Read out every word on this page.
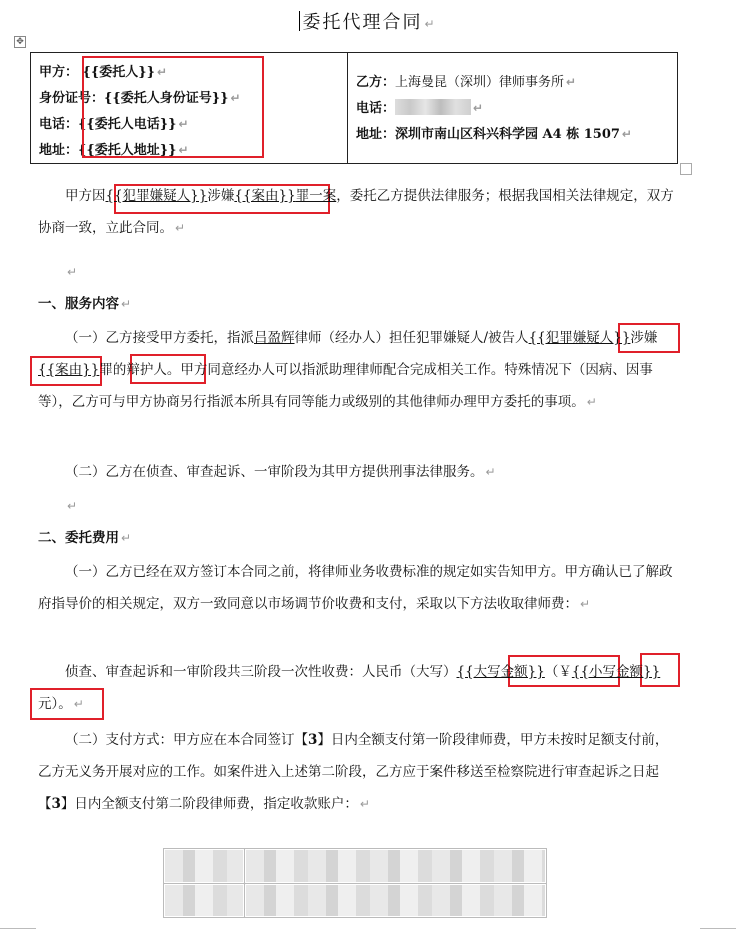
委托代理合同 ↵
✥
甲方： {{委托人}} ↵
身份证号：{{委托人身份证号}} ↵
电话：{{委托人电话}} ↵
地址：{{委托人地址}} ↵

乙方：上海曼昆（深圳）律师事务所 ↵
电话：	↵
地址：深圳市南山区科兴科学园 A4 栋 1507 ↵
甲方因{{犯罪嫌疑人}}涉嫌{{案由}}罪一案，委托乙方提供法律服务；根据我国相关法律规定，双方协商一致，立此合同。 ↵
↵
一、服务内容 ↵
（一）乙方接受甲方委托，指派吕盈辉律师（经办人）担任犯罪嫌疑人/被告人{{犯罪嫌疑人}}涉嫌{{案由}}罪的辩护人。甲方同意经办人可以指派助理律师配合完成相关工作。特殊情况下（因病、因事等），乙方可与甲方协商另行指派本所具有同等能力或级别的其他律师办理甲方委托的事项。 ↵
（二）乙方在侦查、审查起诉、一审阶段为其甲方提供刑事法律服务。 ↵
↵
二、委托费用 ↵
（一）乙方已经在双方签订本合同之前，将律师业务收费标准的规定如实告知甲方。甲方确认已了解政府指导价的相关规定，双方一致同意以市场调节价收费和支付，采取以下方法收取律师费： ↵
侦查、审查起诉和一审阶段共三阶段一次性收费：人民币（大写）{{大写金额}}（￥{{小写金额}}元）。 ↵
（二）支付方式：甲方应在本合同签订【3】日内全额支付第一阶段律师费，甲方未按时足额支付前，乙方无义务开展对应的工作。如案件进入上述第二阶段，乙方应于案件移送至检察院进行审查起诉之日起【3】日内全额支付第二阶段律师费，指定收款账户： ↵
